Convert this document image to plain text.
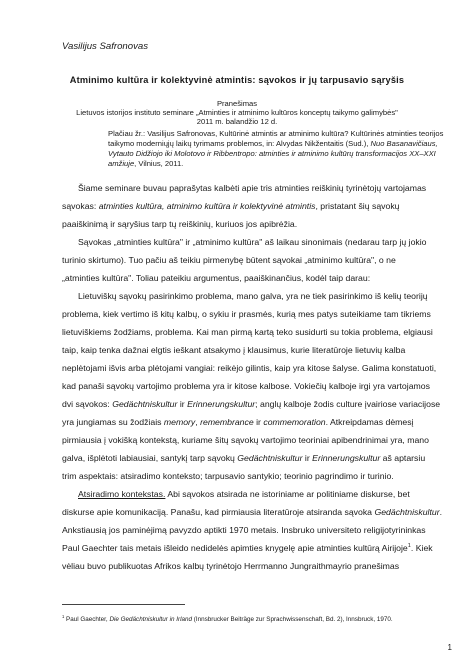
Vasilijus Safronovas
Atminimo kultūra ir kolektyvinė atmintis: sąvokos ir jų tarpusavio sąryšis
Pranešimas
Lietuvos istorijos instituto seminare „Atminties ir atminimo kultūros konceptų taikymo galimybės"
2011 m. balandžio 12 d.
Plačiau žr.: Vasilijus Safronovas, Kultūrinė atmintis ar atminimo kultūra? Kultūrinės atminties teorijos
taikymo moderniųjų laikų tyrimams problemos, in: Alvydas Nikžentaitis (Sud.), Nuo Basanavičiaus,
Vytauto Didžiojo iki Molotovo ir Ribbentropo: atminties ir atminimo kultūrų transformacijos XX–XXI
amžiuje, Vilnius, 2011.
Šiame seminare buvau paprašytas kalbėti apie tris atminties reiškinių tyrinėtojų vartojamas
sąvokas: atminties kultūra, atminimo kultūra ir kolektyvinė atmintis, pristatant šių sąvokų
paaiškinimą ir sąryšius tarp tų reiškinių, kuriuos jos apibrėžia.
Sąvokas „atminties kultūra" ir „atminimo kultūra" aš laikau sinonimais (nedarau tarp jų jokio
turinio skirtumo). Tuo pačiu aš teikiu pirmenybę būtent sąvokai „atminimo kultūra", o ne
„atminties kultūra". Toliau pateikiu argumentus, paaiškinančius, kodėl taip darau:
Lietuviškų sąvokų pasirinkimo problema, mano galva, yra ne tiek pasirinkimo iš kelių teorijų
problema, kiek vertimo iš kitų kalbų, o sykiu ir prasmės, kurią mes patys suteikiame tam tikriems
lietuviškiems žodžiams, problema. Kai man pirmą kartą teko susidurti su tokia problema, elgiausi
taip, kaip tenka dažnai elgtis ieškant atsakymo į klausimus, kurie literatūroje lietuvių kalba
neplėtojami išvis arba plėtojami vangiai: reikėjo gilintis, kaip yra kitose šalyse. Galima konstatuoti,
kad panaši sąvokų vartojimo problema yra ir kitose kalbose. Vokiečių kalboje irgi yra vartojamos
dvi sąvokos: Gedächtniskultur ir Erinnerungskultur; anglų kalboje žodis culture įvairiose variacijose
yra jungiamas su žodžiais memory, remembrance ir commemoration. Atkreipdamas dėmesį
pirmiausia į vokišką kontekstą, kuriame šitų sąvokų vartojimo teoriniai apibendrinimai yra, mano
galva, išplėtoti labiausiai, santykį tarp sąvokų Gedächtniskultur ir Erinnerungskultur aš aptarsiu
trim aspektais: atsiradimo konteksto; tarpusavio santykio; teorinio pagrindimo ir turinio.
Atsiradimo kontekstas. Abi sąvokos atsirada ne istoriniame ar politiniame diskurse, bet
diskurse apie komunikaciją. Panašu, kad pirmiausia literatūroje atsiranda sąvoka Gedächtniskultur.
Ankstiausią jos paminėjimą pavyzdo aptikti 1970 metais. Insbruko universiteto religijotyrininkas
Paul Gaechter tais metais išleido nedidelės apimties knygelę apie atminties kultūrą Airijoje$^1$. Kiek
vėliau buvo publikuotas Afrikos kalbų tyrinėtojo Herrmanno Jungraithmayrio pranešimas
$^1$ Paul Gaechter, Die Gedächtniskultur in Irland (Innsbrucker Beiträge zur Sprachwissenschaft, Bd. 2), Innsbruck, 1970.
1
